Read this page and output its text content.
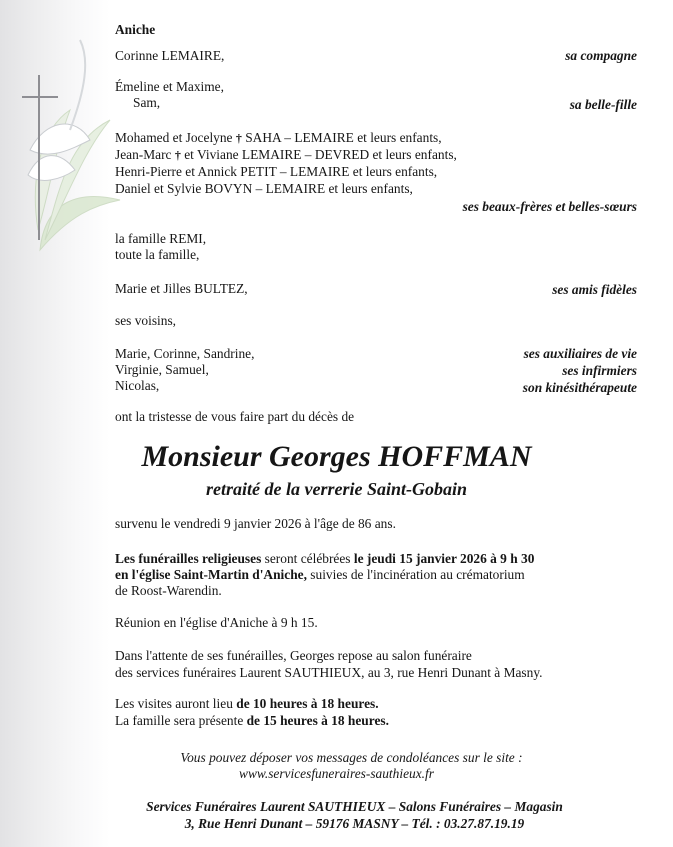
Aniche
Corinne LEMAIRE,	sa compagne
Émeline et Maxime,
Sam,	sa belle-fille
Mohamed et Jocelyne † SAHA – LEMAIRE et leurs enfants,
Jean-Marc † et Viviane LEMAIRE – DEVRED et leurs enfants,
Henri-Pierre et Annick PETIT – LEMAIRE et leurs enfants,
Daniel et Sylvie BOVYN – LEMAIRE et leurs enfants,
ses beaux-frères et belles-sœurs
la famille REMI,
toute la famille,
Marie et Jilles BULTEZ,	ses amis fidèles
ses voisins,
Marie, Corinne, Sandrine,	ses auxiliaires de vie
Virginie, Samuel,	ses infirmiers
Nicolas,	son kinésithérapeute
ont la tristesse de vous faire part du décès de
Monsieur Georges HOFFMAN
retraité de la verrerie Saint-Gobain
survenu le vendredi 9 janvier 2026 à l'âge de 86 ans.
Les funérailles religieuses seront célébrées le jeudi 15 janvier 2026 à 9 h 30
en l'église Saint-Martin d'Aniche, suivies de l'incinération au crématorium
de Roost-Warendin.
Réunion en l'église d'Aniche à 9 h 15.
Dans l'attente de ses funérailles, Georges repose au salon funéraire
des services funéraires Laurent SAUTHIEUX, au 3, rue Henri Dunant à Masny.
Les visites auront lieu de 10 heures à 18 heures.
La famille sera présente de 15 heures à 18 heures.
Vous pouvez déposer vos messages de condoléances sur le site :
www.servicesfuneraires-sauthieux.fr
Services Funéraires Laurent SAUTHIEUX – Salons Funéraires – Magasin
3, Rue Henri Dunant – 59176 MASNY – Tél. : 03.27.87.19.19
